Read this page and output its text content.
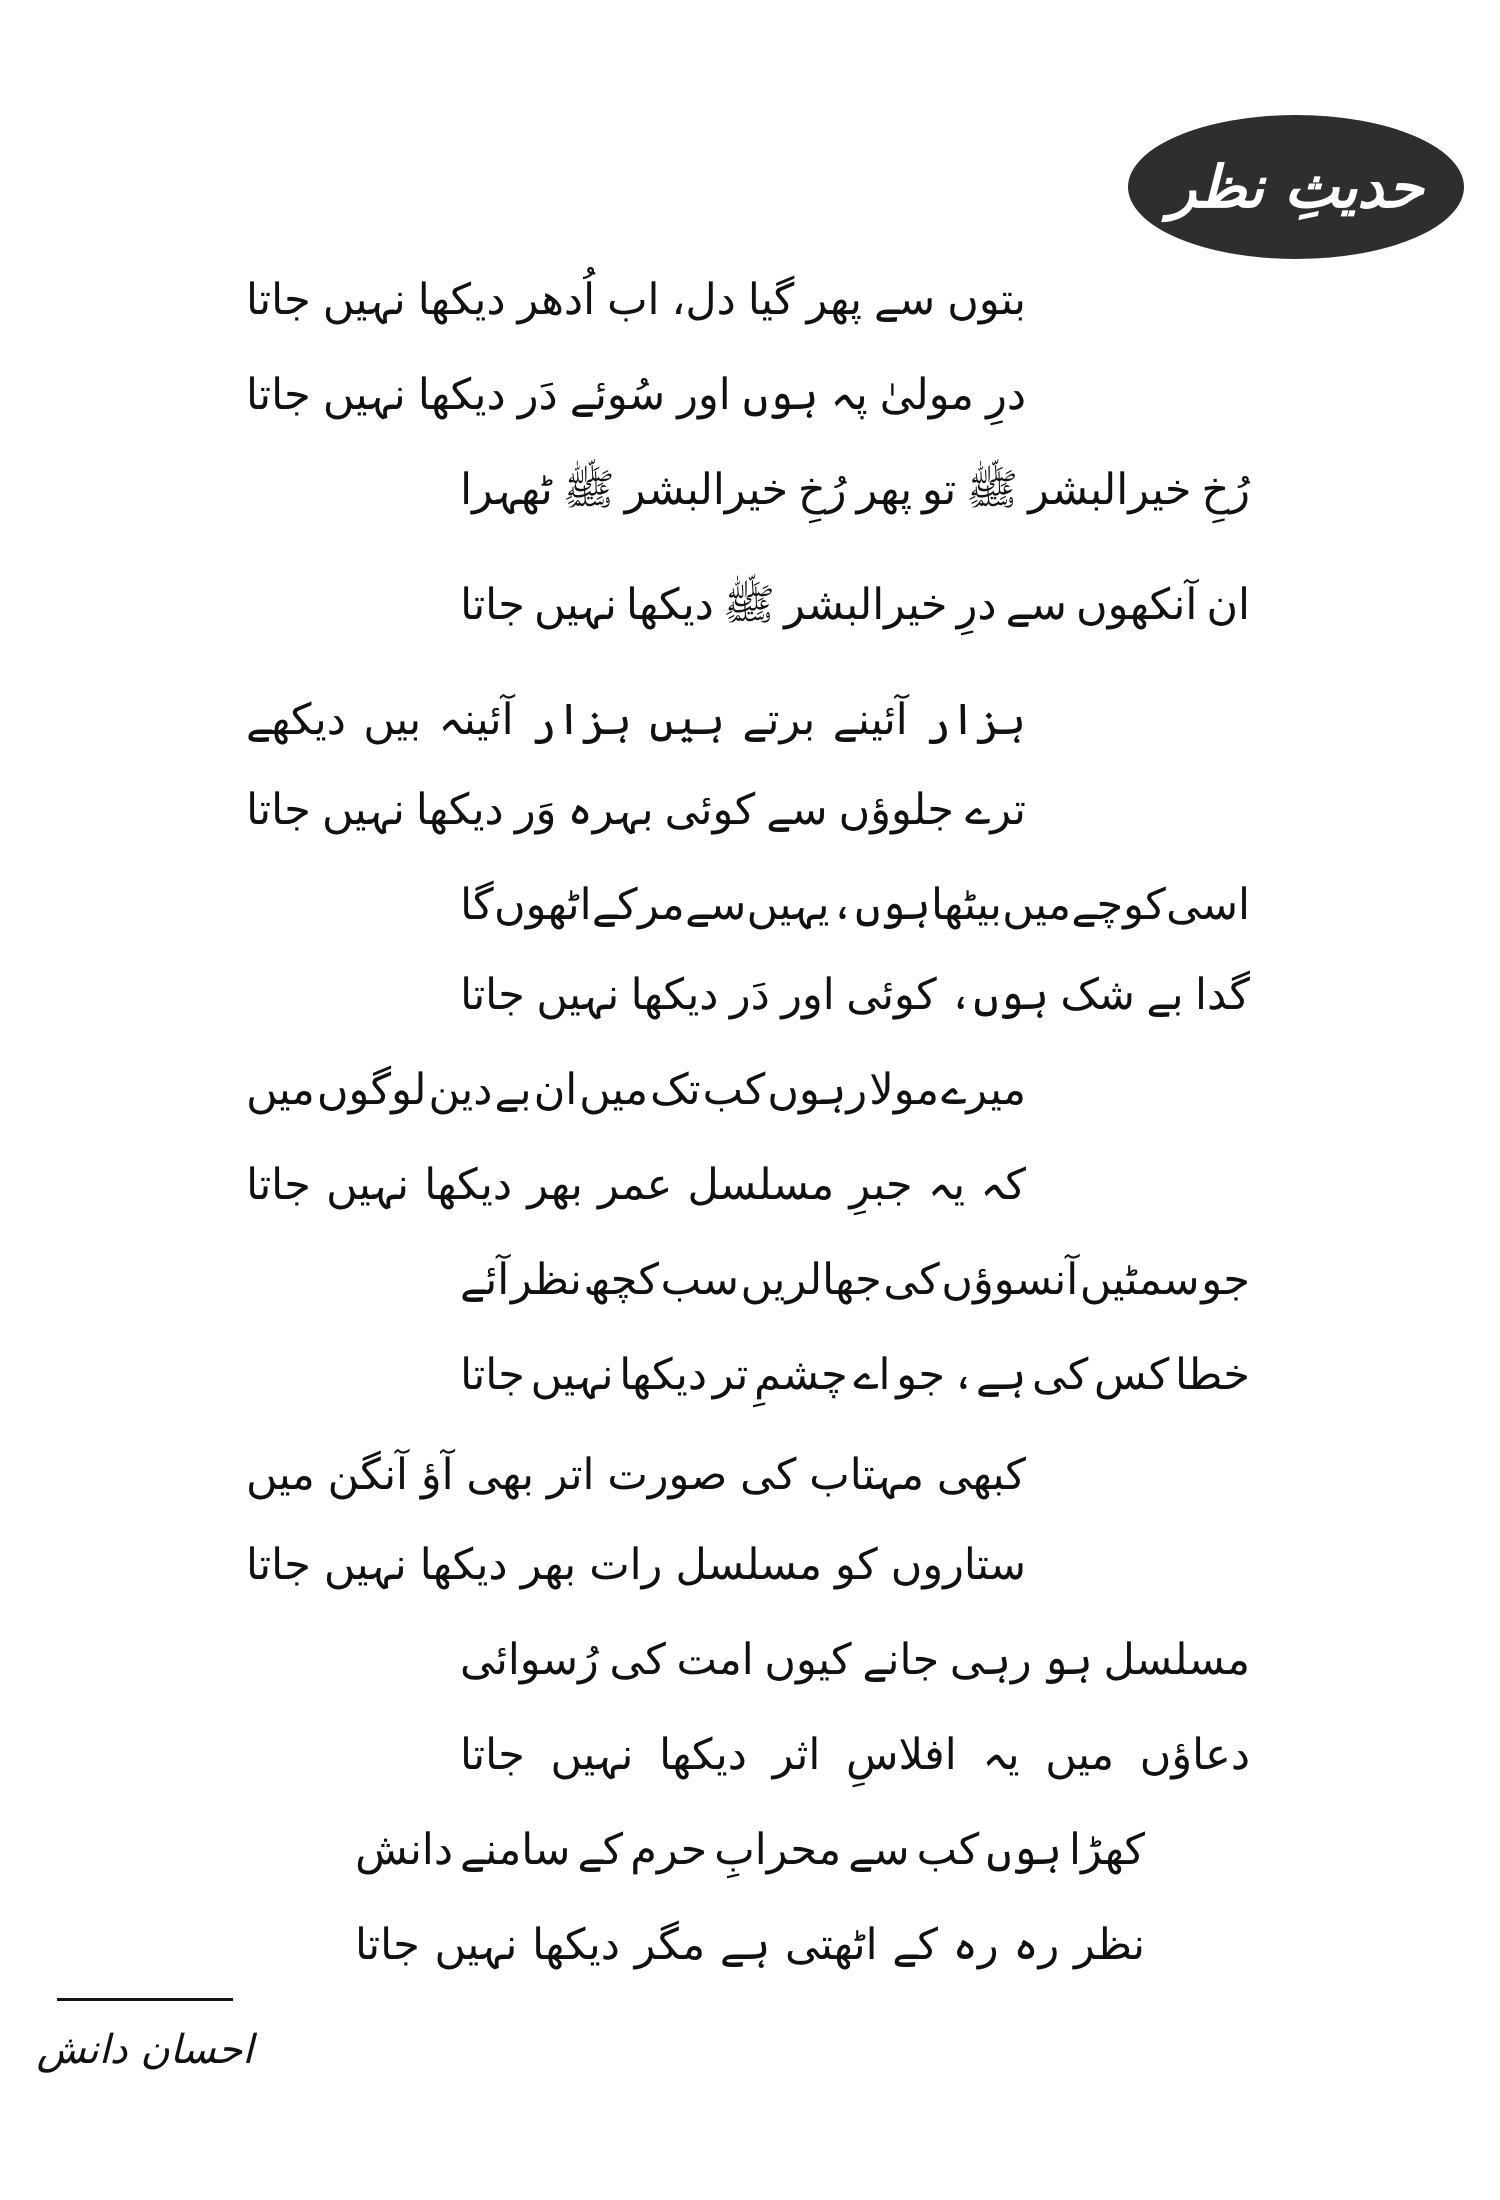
حدیثِ نظر
بتوں
سے
پھر
گیا
دل،
اب
اُدھر
دیکھا
نہیں
جاتا
درِ
مولیٰ
پہ
ہوں
اور
سُوئے
دَر
دیکھا
نہیں
جاتا
رُخِ
خیرالبشر
ﷺ
تو
پھر
رُخِ
خیرالبشر
ﷺ
ٹھہرا
ان
آنکھوں
سے
درِ
خیرالبشر
ﷺ
دیکھا
نہیں
جاتا
ہزار
آئینے
برتے
ہیں
ہزار
آئینہ
بیں
دیکھے
ترے
جلوؤں
سے
کوئی
بہرہ
وَر
دیکھا
نہیں
جاتا
اسی
کوچے
میں
بیٹھا
ہوں،
یہیں
سے
مر
کے
اٹھوں
گا
گدا
بے
شک
ہوں،
کوئی
اور
دَر
دیکھا
نہیں
جاتا
میرے
مولا
رہوں
کب
تک
میں
ان
بے
دین
لوگوں
میں
کہ
یہ
جبرِ
مسلسل
عمر
بھر
دیکھا
نہیں
جاتا
جو
سمٹیں
آنسوؤں
کی
جھالریں
سب
کچھ
نظر
آئے
خطا
کس
کی
ہے،
جو
اے
چشمِ
تر
دیکھا
نہیں
جاتا
کبھی
مہتاب
کی
صورت
اتر
بھی
آؤ
آنگن
میں
ستاروں
کو
مسلسل
رات
بھر
دیکھا
نہیں
جاتا
مسلسل
ہو
رہی
جانے
کیوں
امت
کی
رُسوائی
دعاؤں
میں
یہ
افلاسِ
اثر
دیکھا
نہیں
جاتا
کھڑا
ہوں
کب
سے
محرابِ
حرم
کے
سامنے
دانش
نظر
رہ
رہ
کے
اٹھتی
ہے
مگر
دیکھا
نہیں
جاتا
احسان دانش
